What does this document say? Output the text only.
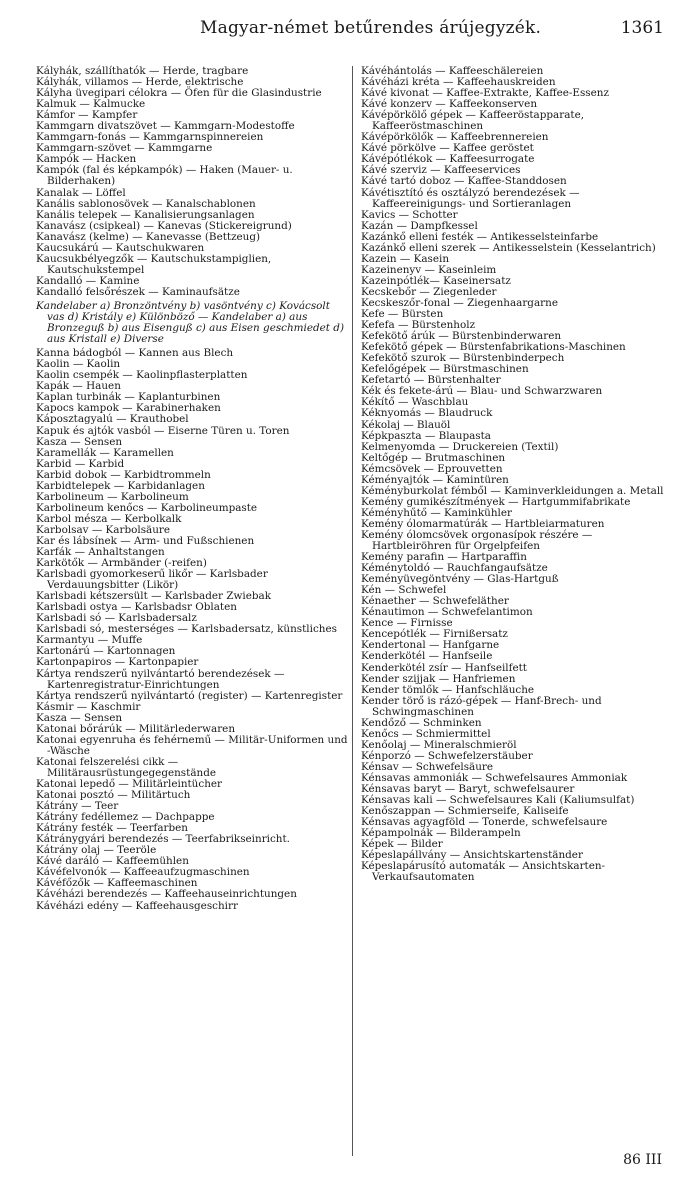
Magyar-német betűrendes árújegyzék.	1361
Kályhák, szállíthatók — Herde, tragbare
Kályhák, villamos — Herde, elektrische
Kályha üvegipari célokra — Öfen für die Glasindustrie
Kalmuk — Kalmucke
Kámfor — Kampfer
Kammgarn divatszövet — Kammgarn-Modestoffe
Kammgarn-fonás — Kammgarnspinnereien
Kammgarn-szövet — Kammgarne
Kampók — Hacken
Kampók (fal és képkampók) — Haken (Mauer- u. Bilderhaken)
Kanalak — Löffel
Kanális sablonosövek — Kanalschablonen
Kanális telepek — Kanalisierungsanlagen
Kanavász (csipkeal) — Kanevas (Stickereigrund)
Kanavász (kelme) — Kanevasse (Bettzeug)
Kaucsukárú — Kautschukwaren
Kaucsukbélyegzők — Kautschukstampiglien, Kautschukstempel
Kandalló — Kamine
Kandalló felsőrészek — Kaminaufsätze
Kandelaber a) Bronzöntvény b) vasöntvény c) Kovácsolt vas d) Kristály e) Különböző — Kandelaber a) aus Bronzeguß b) aus Eisenguß c) aus Eisen geschmiedet d) aus Kristall e) Diverse
Kanna bádogból — Kannen aus Blech
Kaolin — Kaolin
Kaolin csempék — Kaolinpflasterplatten
Kapák — Hauen
Kaplan turbinák — Kaplanturbinen
Kapocs kampok — Karabinerhaken
Káposztagyalú — Krauthobel
Kapuk és ajtók vasból — Eiserne Türen u. Toren
Kasza — Sensen
Karamellák — Karamellen
Karbid — Karbid
Karbid dobok — Karbidtrommeln
Karbidtelepek — Karbidanlagen
Karbolineum — Karbolineum
Karbolineum kenőcs — Karbolineumpaste
Karbol mésza — Kerbolkalk
Karbolsav — Karbolsäure
Kar és lábsínek — Arm- und Fußschienen
Karfák — Anhaltstangen
Karkötők — Armbänder (-reifen)
Karlsbadi gyomorkeserű likőr — Karlsbader Verdauungsbitter (Likör)
Karlsbadi kétszersült — Karlsbader Zwiebak
Karlsbadi ostya — Karlsbadsr Oblaten
Karlsbadi só — Karlsbadersalz
Karlsbadi só, mesterséges — Karlsbadersatz, künstliches
Karmantyu — Muffe
Kartonárú — Kartonnagen
Kartonpapiros — Kartonpapier
Kártya rendszerű nyilvántartó berendezések — Kartenregistratur-Einrichtungen
Kártya rendszerű nyilvántartó (register) — Kartenregister
Kásmir — Kaschmir
Kasza — Sensen
Katonai bőrárúk — Militärlederwaren
Katonai egyenruha és fehérnemű — Militär-Uniformen und -Wäsche
Katonai felszerelési cikk — Militärausrüstungegegenstände
Katonai lepedő — Militärleintücher
Katonai posztó — Militärtuch
Kátrány — Teer
Kátrány fedéllemez — Dachpappe
Kátrány festék — Teerfarben
Kátránygyári berendezés — Teerfabrikseinricht.
Kátrány olaj — Teeröle
Kávé daráló — Kaffeemühlen
Kávéfelvonók — Kaffeeaufzugmaschinen
Kávéfőzők — Kaffeemaschinen
Kávéházi berendezés — Kaffeehauseinrichtungen
Kávéházi edény — Kaffeehausgeschirr
Kávéhántolás — Kaffeeschälereien
Kávéházi kréta — Kaffeehauskreiden
Kávé kivonat — Kaffee-Extrakte, Kaffee-Essenz
Kávé konzerv — Kaffeekonserven
Kávépörkölő gépek — Kaffeeröstapparate, Kaffeeröstmaschinen
Kávépörkölők — Kaffeebrennereien
Kávé pörkölve — Kaffee geröstet
Kávépótlékok — Kaffeesurrogate
Kávé szerviz — Kaffeeservices
Kávé tartó doboz — Kaffee-Standdosen
Kávétisztító és osztályzó berendezések — Kaffeereinigungs- und Sortieranlagen
Kavics — Schotter
Kazán — Dampfkessel
Kazánkő elleni festék — Antikesselsteinfarbe
Kazánkő elleni szerek — Antikesselstein (Kesselantrich)
Kazein — Kasein
Kazeinenyv — Kaseinleim
Kazeinpótlék— Kaseinersatz
Kecskebőr — Ziegenleder
Kecskeszőr-fonal — Ziegenhaargarne
Kefe — Bürsten
Kefefa — Bürstenholz
Kefekötő árúk — Bürstenbinderwaren
Kefekötő gépek — Bürstenfabrikations-Maschinen
Kefekötő szurok — Bürstenbinderpech
Kefelőgépek — Bürstmaschinen
Kefetartó — Bürstenhalter
Kék és fekete-árú — Blau- und Schwarzwaren
Kékítő — Waschblau
Kéknyomás — Blaudruck
Kékolaj — Blauöl
Képkpaszta — Blaupasta
Kelmenyomda — Druckereien (Textil)
Keltőgép — Brutmaschinen
Kémcsövek — Eprouvetten
Kéményajtók — Kamintüren
Kéményburkolat fémből — Kaminverkleidungen a. Metall
Kemény gumikészítmények — Hartgummifabrikate
Kéményhűtő — Kaminkühler
Kemény ólomarmatúrák — Hartbleiarmaturen
Kemény ólomcsövek orgonasípok részére — Hartbleiröhren für Orgelpfeifen
Kemény parafin — Hartparaffin
Kéménytoldó — Rauchfangaufsätze
Keményüvegöntvény — Glas-Hartguß
Kén — Schwefel
Kénaether — Schwefeläther
Kénautimon — Schwefelantimon
Kence — Firnisse
Kencepótlék — Firnißersatz
Kendertonal — Hanfgarne
Kenderkötél — Hanfseile
Kenderkötél zsír — Hanfseilfett
Kender szijjak — Hanfriemen
Kender tömlők — Hanfschläuche
Kender törő is rázó-gépek — Hanf-Brech- und Schwingmaschinen
Kendőző — Schminken
Kenőcs — Schmiermittel
Kenőolaj — Mineralschmieröl
Kénporzó — Schwefelzerstäuber
Kénsav — Schwefelsäure
Kénsavas ammoniák — Schwefelsaures Ammoniak
Kénsavas baryt — Baryt, schwefelsaurer
Kénsavas kali — Schwefelsaures Kali (Kaliumsulfat)
Kenőszappan — Schmierseife, Kaliseife
Kénsavas agyagföld — Tonerde, schwefelsaure
Képampolnák — Bilderampeln
Képek — Bilder
Képeslapállvány — Ansichtskartenständer
Képeslapárusító automaták — Ansichtskarten-Verkaufsautomaten
86 III
